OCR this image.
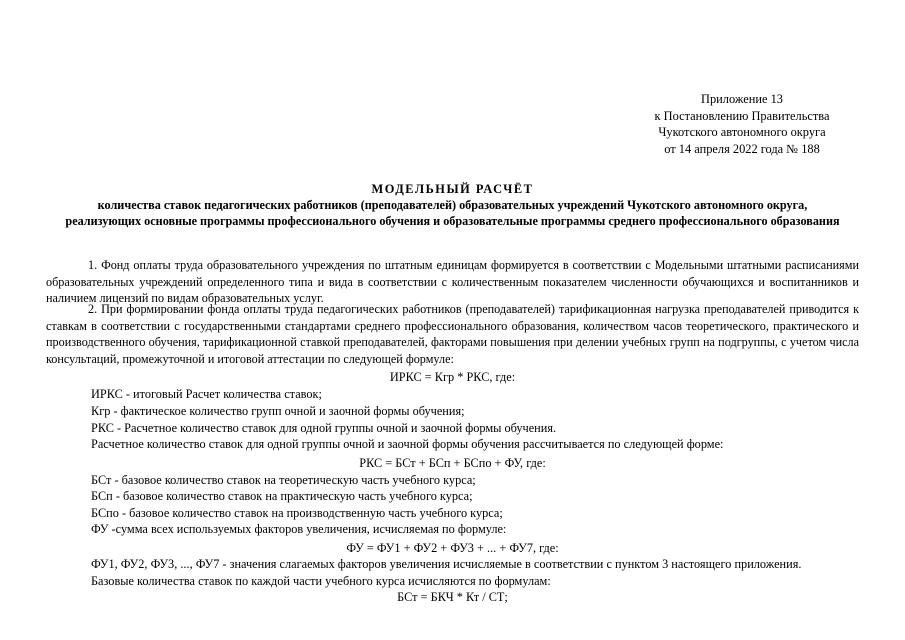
Приложение 13
к Постановлению Правительства
Чукотского автономного округа
от 14 апреля 2022 года № 188
МОДЕЛЬНЫЙ РАСЧЁТ
количества ставок педагогических работников (преподавателей) образовательных учреждений Чукотского автономного округа, реализующих основные программы профессионального обучения и образовательные программы среднего профессионального образования
1. Фонд оплаты труда образовательного учреждения по штатным единицам формируется в соответствии с Модельными штатными расписаниями образовательных учреждений определенного типа и вида в соответствии с количественным показателем численности обучающихся и воспитанников и наличием лицензий по видам образовательных услуг.
2. При формировании фонда оплаты труда педагогических работников (преподавателей) тарификационная нагрузка преподавателей приводится к ставкам в соответствии с государственными стандартами среднего профессионального образования, количеством часов теоретического, практического и производственного обучения, тарификационной ставкой преподавателей, факторами повышения при делении учебных групп на подгруппы, с учетом числа консультаций, промежуточной и итоговой аттестации по следующей формуле:
ИРКС = Кгр * РКС, где:
ИРКС - итоговый Расчет количества ставок;
Кгр - фактическое количество групп очной и заочной формы обучения;
РКС - Расчетное количество ставок для одной группы очной и заочной формы обучения.
Расчетное количество ставок для одной группы очной и заочной формы обучения рассчитывается по следующей форме:
РКС = БСт + БСп + БСпо + ФУ, где:
БСт - базовое количество ставок на теоретическую часть учебного курса;
БСп - базовое количество ставок на практическую часть учебного курса;
БСпо - базовое количество ставок на производственную часть учебного курса;
ФУ -сумма всех используемых факторов увеличения, исчисляемая по формуле:
ФУ = ФУ1 + ФУ2 + ФУ3 + ... + ФУ7, где:
ФУ1, ФУ2, ФУ3, ..., ФУ7 - значения слагаемых факторов увеличения исчисляемые в соответствии с пунктом 3 настоящего приложения.
Базовые количества ставок по каждой части учебного курса исчисляются по формулам:
БСт = БКЧ * Кт / СТ;
